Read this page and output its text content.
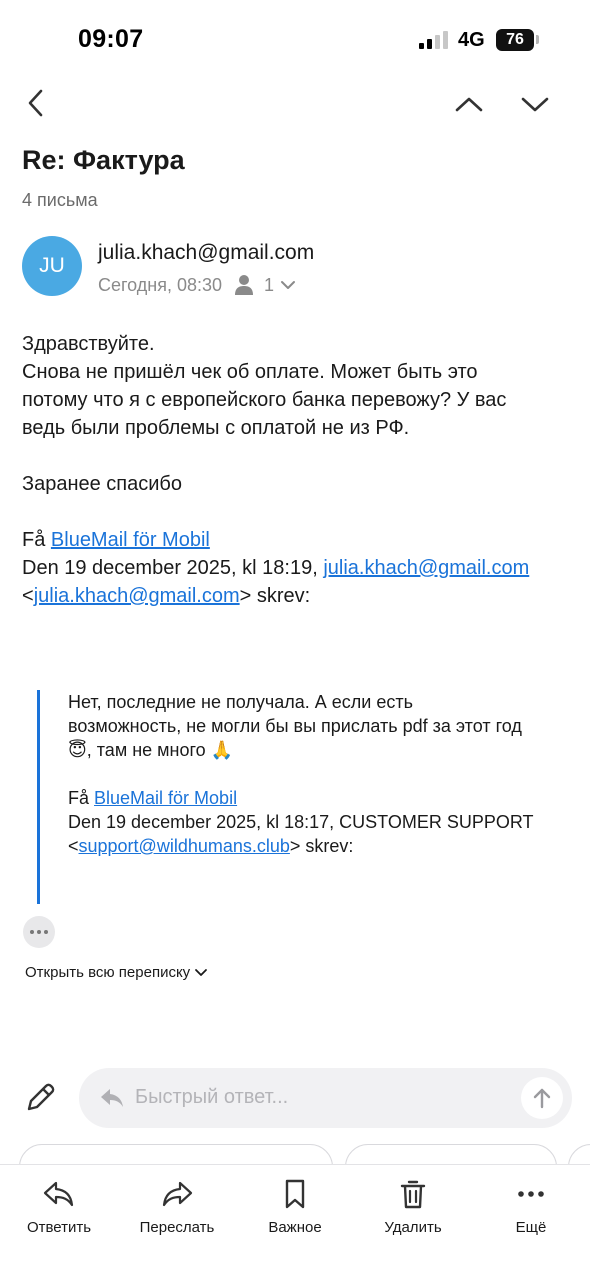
09:07	4G	76
Re: Фактура
4 письма
JU
julia.khach@gmail.com
Сегодня, 08:30 1
Здравствуйте.
Снова не пришёл чек об оплате. Может быть это
потому что я с европейского банка перевожу? У вас
ведь были проблемы с оплатой не из РФ.
Заранее спасибо
Få BlueMail för Mobil
Den 19 december 2025, kl 18:19, julia.khach@gmail.com
<julia.khach@gmail.com> skrev:
Нет, последние не получала. А если есть
возможность, не могли бы вы прислать pdf за этот год
😇, там не много 🙏
Få BlueMail för Mobil
Den 19 december 2025, kl 18:17, CUSTOMER SUPPORT
<support@wildhumans.club> skrev:
Открыть всю переписку
Быстрый ответ...
Ответить	Переслать	Важное	Удалить	Ещё
